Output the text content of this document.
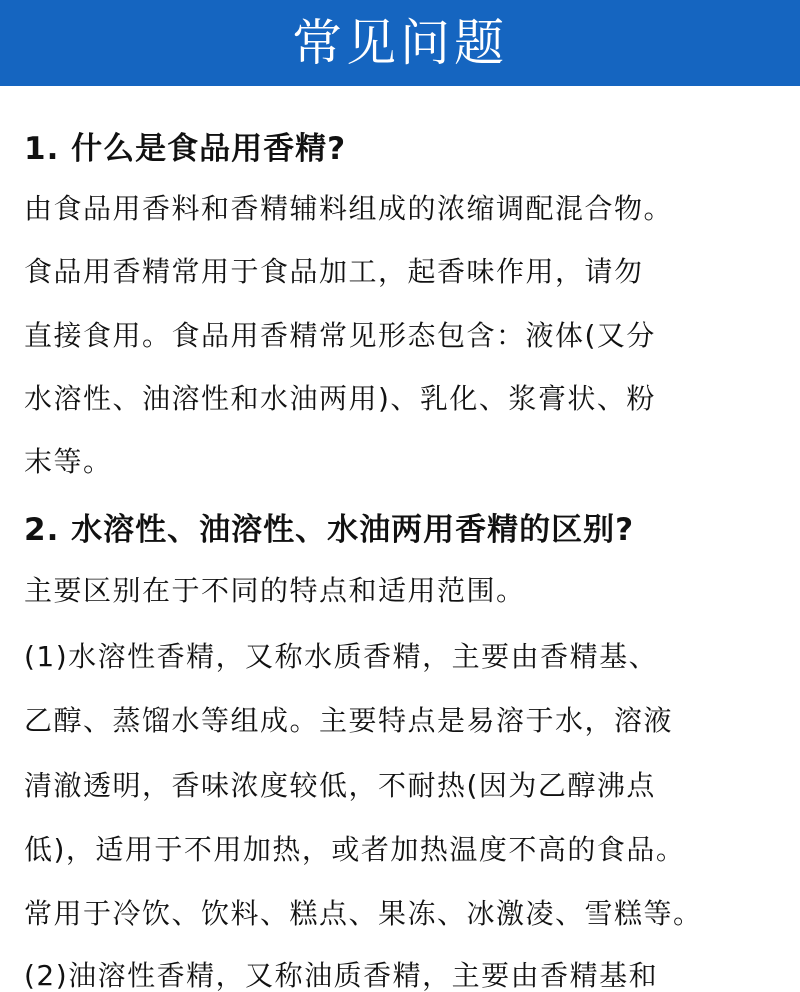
常见问题
1. 什么是食品用香精?
由食品用香料和香精辅料组成的浓缩调配混合物。
食品用香精常用于食品加工，起香味作用，请勿
直接食用。食品用香精常见形态包含：液体(又分
水溶性、油溶性和水油两用)、乳化、浆膏状、粉
末等。
2. 水溶性、油溶性、水油两用香精的区别?
主要区别在于不同的特点和适用范围。
(1)水溶性香精，又称水质香精，主要由香精基、
乙醇、蒸馏水等组成。主要特点是易溶于水，溶液
清澈透明，香味浓度较低，不耐热(因为乙醇沸点
低)，适用于不用加热，或者加热温度不高的食品。
常用于冷饮、饮料、糕点、果冻、冰激凌、雪糕等。
(2)油溶性香精，又称油质香精，主要由香精基和
